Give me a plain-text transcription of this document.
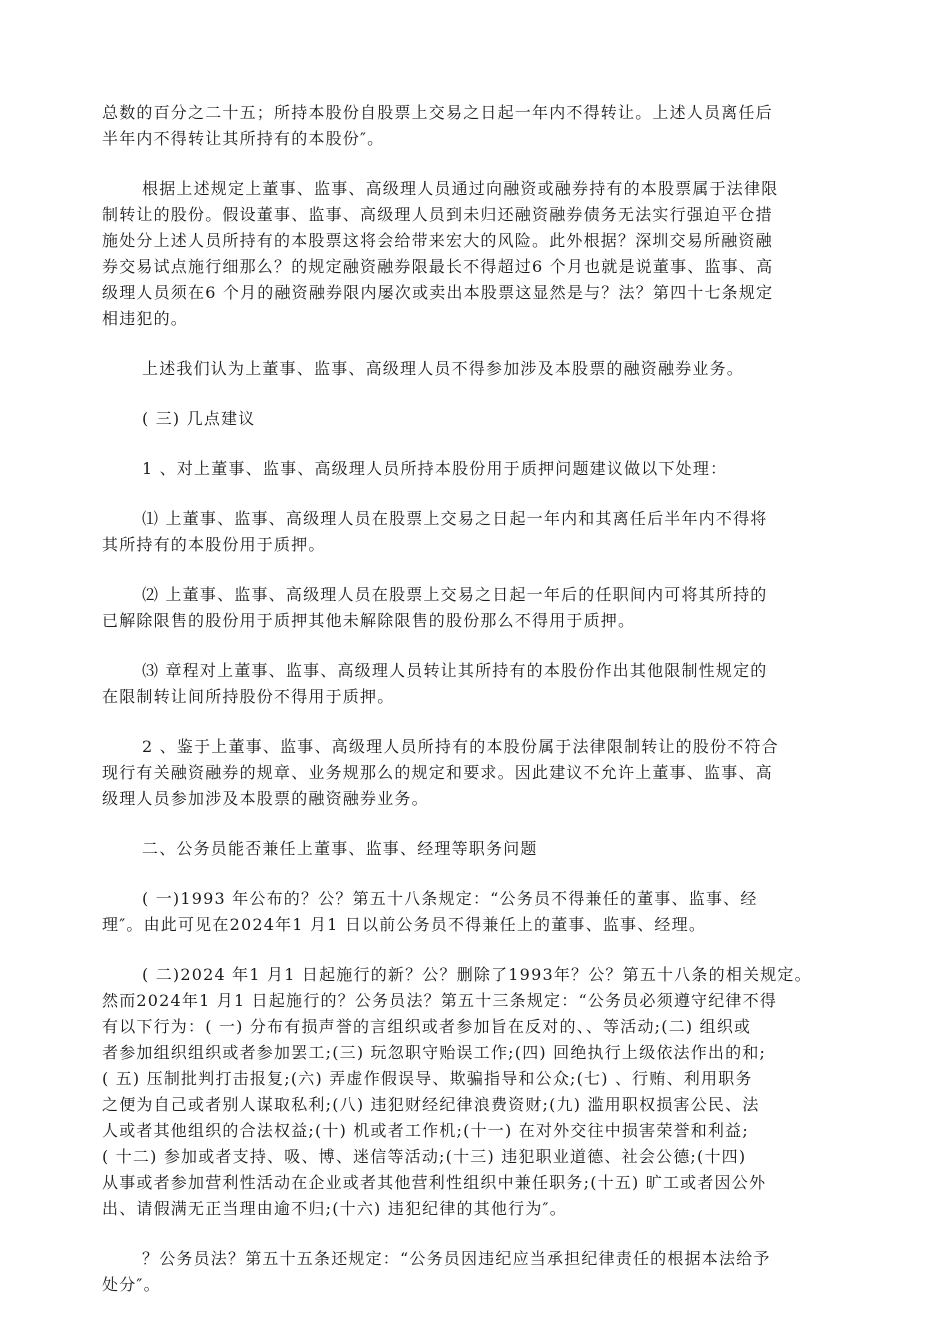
总数的百分之二十五；所持本股份自股票上交易之日起一年内不得转让。上述人员离任后
半年内不得转让其所持有的本股份″。

根据上述规定上董事、监事、高级理人员通过向融资或融券持有的本股票属于法律限
制转让的股份。假设董事、监事、高级理人员到未归还融资融券债务无法实行强迫平仓措
施处分上述人员所持有的本股票这将会给带来宏大的风险。此外根据？深圳交易所融资融
券交易试点施行细那么？的规定融资融券限最长不得超过6 个月也就是说董事、监事、高
级理人员须在6 个月的融资融券限内屡次或卖出本股票这显然是与？法？第四十七条规定
相违犯的。

上述我们认为上董事、监事、高级理人员不得参加涉及本股票的融资融券业务。

( 三) 几点建议

1 、对上董事、监事、高级理人员所持本股份用于质押问题建议做以下处理：

⑴ 上董事、监事、高级理人员在股票上交易之日起一年内和其离任后半年内不得将
其所持有的本股份用于质押。

⑵ 上董事、监事、高级理人员在股票上交易之日起一年后的任职间内可将其所持的
已解除限售的股份用于质押其他未解除限售的股份那么不得用于质押。

⑶ 章程对上董事、监事、高级理人员转让其所持有的本股份作出其他限制性规定的
在限制转让间所持股份不得用于质押。

2 、鉴于上董事、监事、高级理人员所持有的本股份属于法律限制转让的股份不符合
现行有关融资融券的规章、业务规那么的规定和要求。因此建议不允许上董事、监事、高
级理人员参加涉及本股票的融资融券业务。

二、公务员能否兼任上董事、监事、经理等职务问题

( 一)1993 年公布的？公？第五十八条规定：“公务员不得兼任的董事、监事、经
理″。由此可见在2024年1 月1 日以前公务员不得兼任上的董事、监事、经理。

( 二)2024 年1 月1 日起施行的新？公？删除了1993年？公？第五十八条的相关规定。
然而2024年1 月1 日起施行的？公务员法？第五十三条规定：“公务员必须遵守纪律不得
有以下行为：( 一) 分布有损声誉的言组织或者参加旨在反对的、、等活动;(二) 组织或
者参加组织组织或者参加罢工;(三) 玩忽职守贻误工作;(四) 回绝执行上级依法作出的和;
( 五) 压制批判打击报复;(六) 弄虚作假误导、欺骗指导和公众;(七) 、行贿、利用职务
之便为自己或者别人谋取私利;(八) 违犯财经纪律浪费资财;(九) 滥用职权损害公民、法
人或者其他组织的合法权益;(十) 机或者工作机;(十一) 在对外交往中损害荣誉和利益;
( 十二) 参加或者支持、吸、博、迷信等活动;(十三) 违犯职业道德、社会公德;(十四)
从事或者参加营利性活动在企业或者其他营利性组织中兼任职务;(十五) 旷工或者因公外
出、请假满无正当理由逾不归;(十六) 违犯纪律的其他行为″。

？公务员法？第五十五条还规定：“公务员因违纪应当承担纪律责任的根据本法给予
处分″。
